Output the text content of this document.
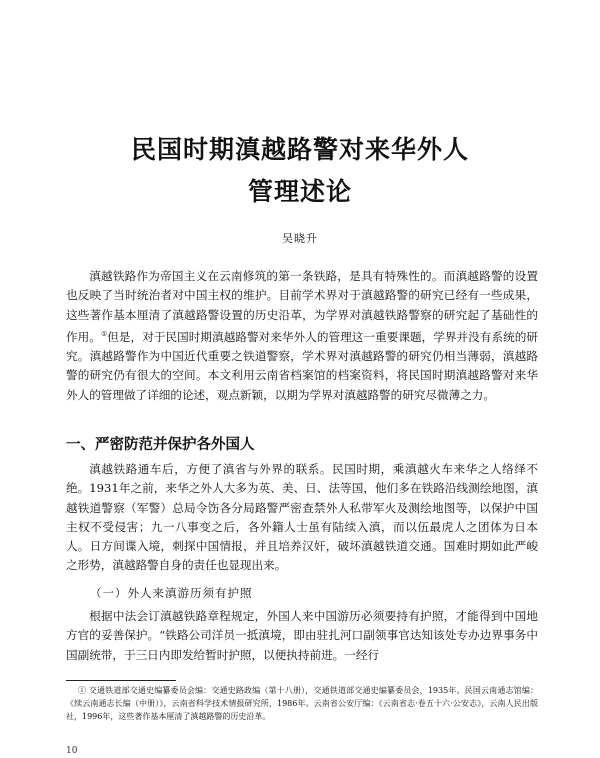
民国时期滇越路警对来华外人
管理述论
吴晓升

滇越铁路作为帝国主义在云南修筑的第一条铁路，是具有特殊性的。而滇越路警的设置也反映了当时统治者对中国主权的维护。目前学术界对于滇越路警的研究已经有一些成果，这些著作基本厘清了滇越路警设置的历史沿革，为学界对滇越铁路警察的研究起了基础性的作用。①但是，对于民国时期滇越路警对来华外人的管理这一重要课题，学界并没有系统的研究。滇越路警作为中国近代重要之铁道警察，学术界对滇越路警的研究仍相当薄弱，滇越路警的研究仍有很大的空间。本文利用云南省档案馆的档案资料，将民国时期滇越路警对来华外人的管理做了详细的论述，观点新颖，以期为学界对滇越路警的研究尽微薄之力。

一、严密防范并保护各外国人

滇越铁路通车后，方便了滇省与外界的联系。民国时期，乘滇越火车来华之人络绎不绝。1931年之前，来华之外人大多为英、美、日、法等国，他们多在铁路沿线测绘地图，滇越铁道警察（军警）总局令饬各分局路警严密查禁外人私带军火及测绘地图等，以保护中国主权不受侵害；九一八事变之后，各外籍人士虽有陆续入滇，而以伍最虎人之团体为日本人。日方间谍入境，刺探中国情报，并且培养汉奸，破坏滇越铁道交通。国难时期如此严峻之形势，滇越路警自身的责任也显现出来。

（一）外人来滇游历须有护照

根据中法会订滇越铁路章程规定，外国人来中国游历必须要持有护照，才能得到中国地方官的妥善保护。“铁路公司洋员一抵滇境，即由驻扎河口副领事官达知该处专办边界事务中国副统带，于三日内即发给暂时护照，以便执持前进。一经行

① 交通铁道部交通史编纂委员会编：交通史路政编（第十八册），交通铁道部交通史编纂委员会，1935年。民国云南通志馆编：《续云南通志长编（中册）》，云南省科学技术情报研究所，1986年。云南省公安厅编：《云南省志·卷五十六·公安志》，云南人民出版社，1996年，这些著作基本厘清了滇越路警的历史沿革。

10
